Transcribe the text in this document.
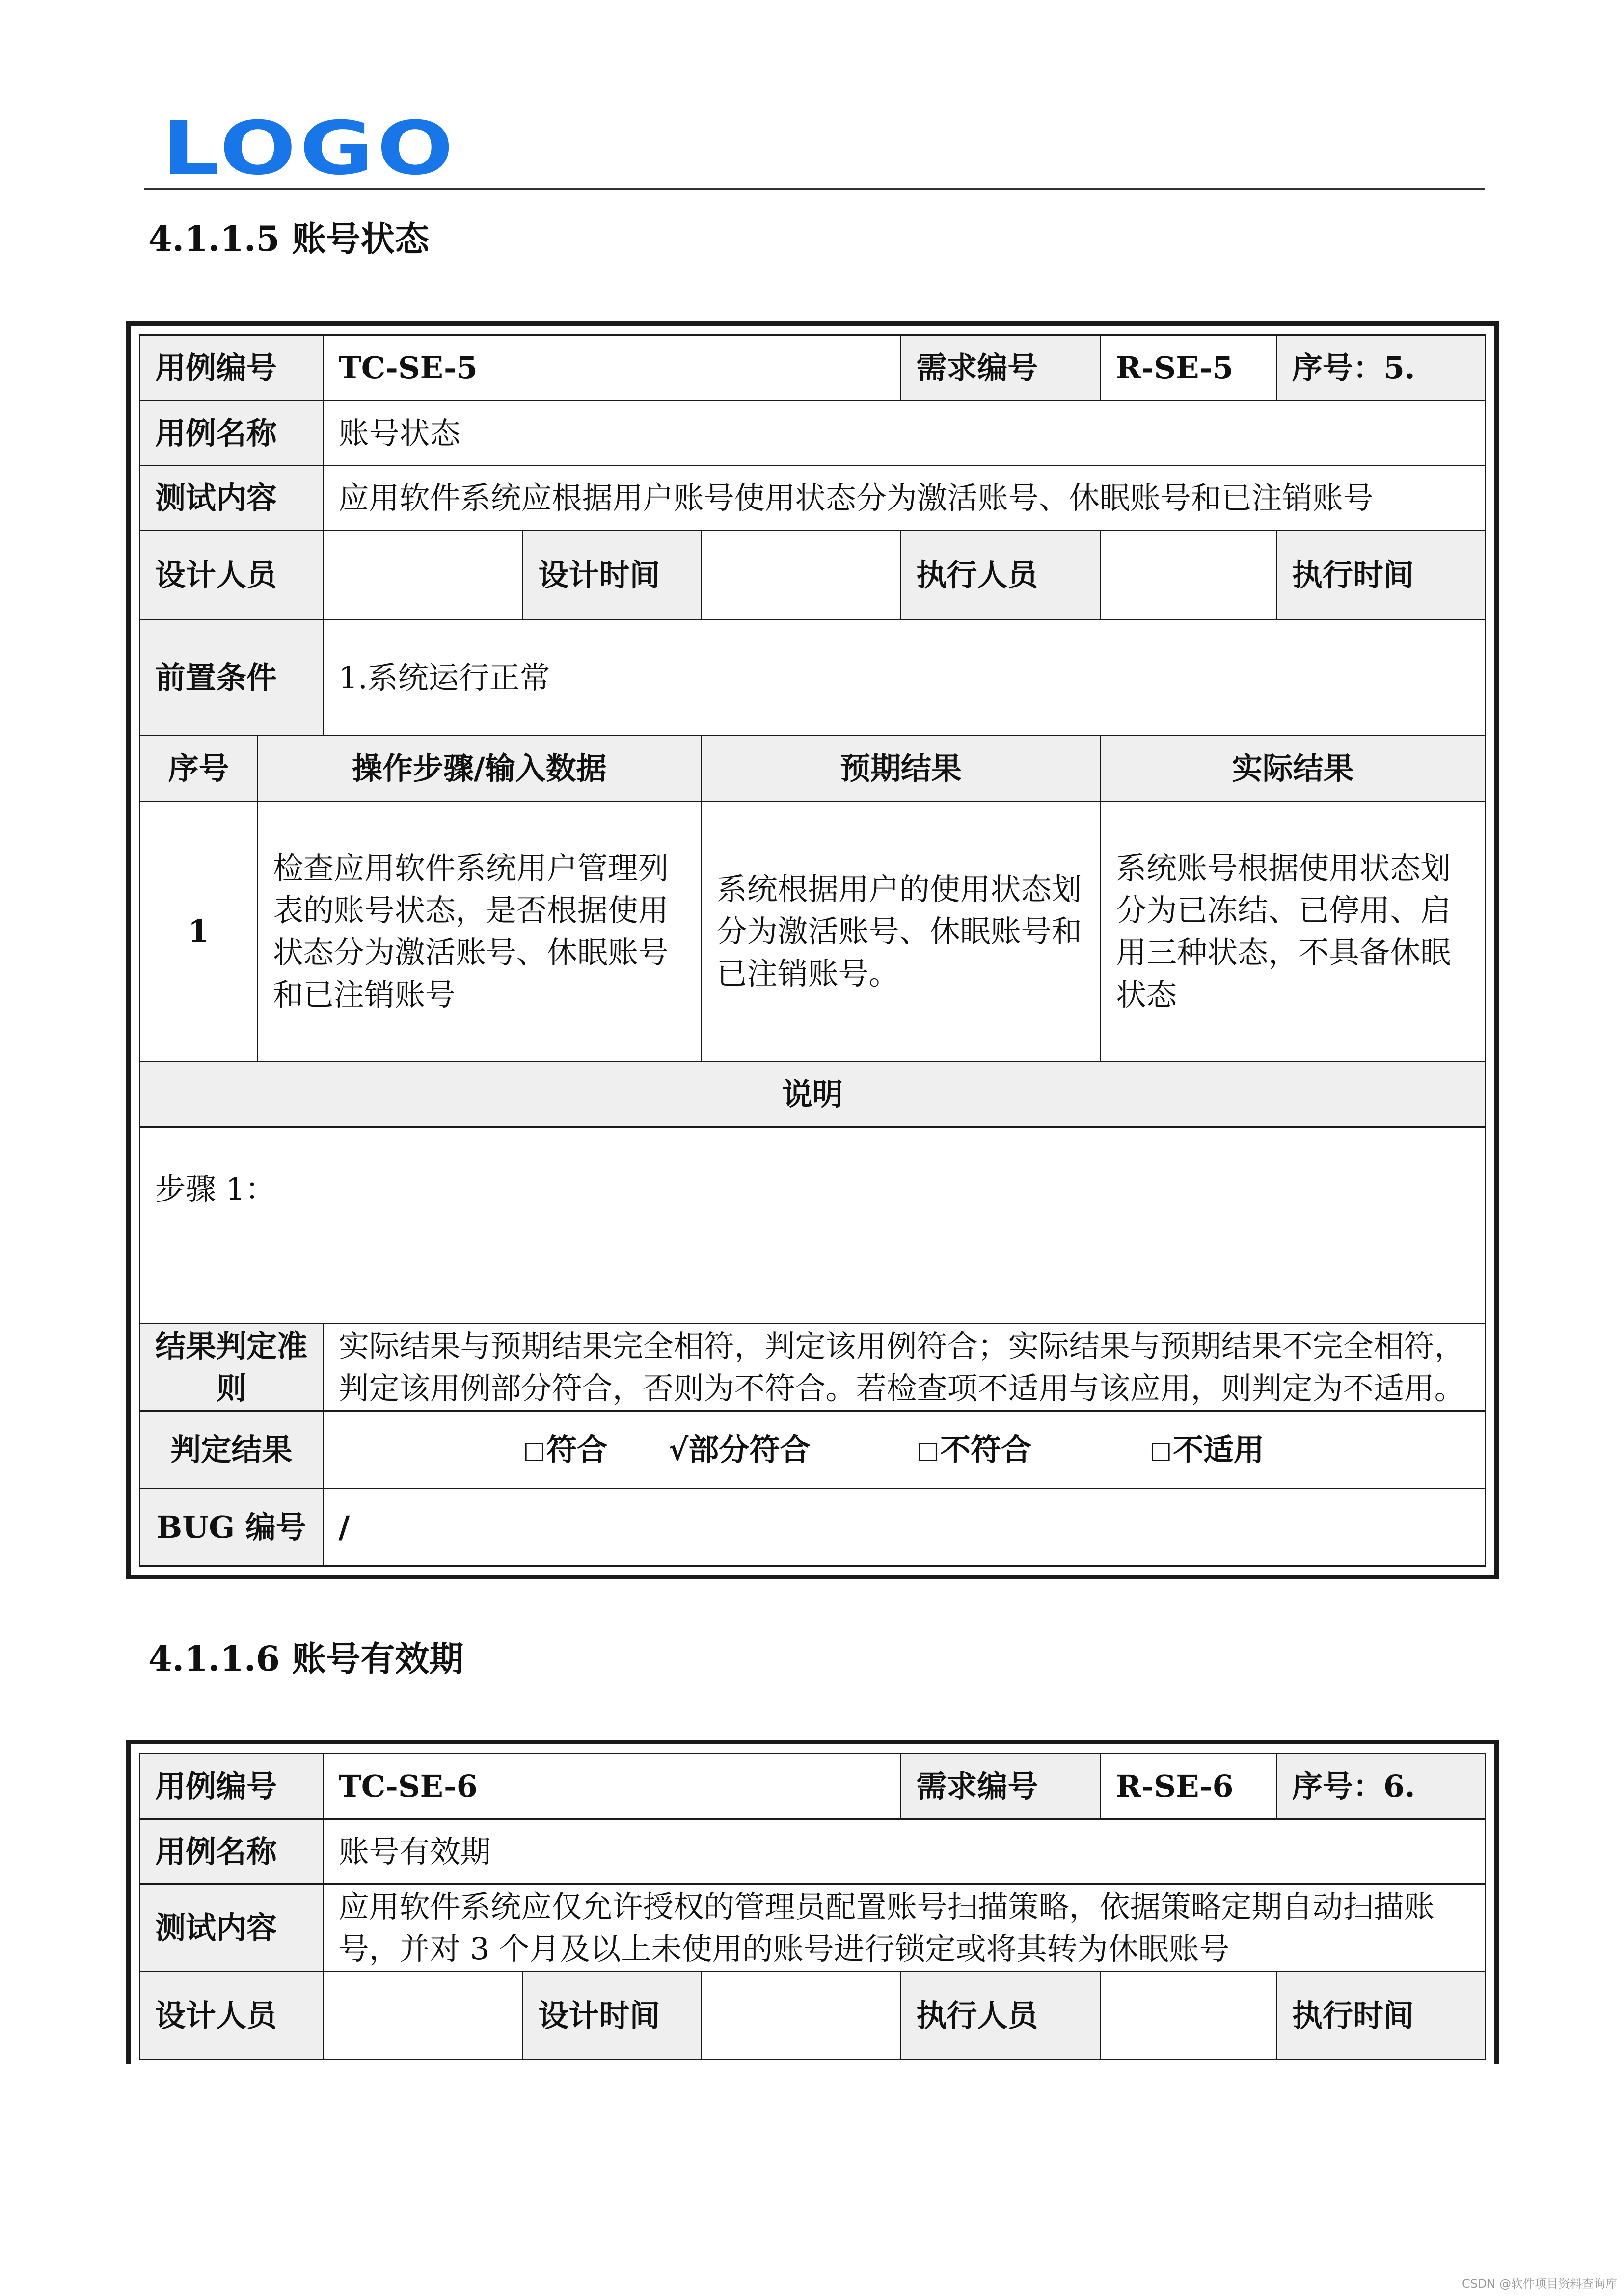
LOGO
4.1.1.5 账号状态
用例编号		TC-SE-5			需求编号	R-SE-5	序号：5.
用例名称		账号状态					
测试内容		应用软件系统应根据用户账号使用状态分为激活账号、休眠账号和已注销账号					
设计人员			设计时间		执行人员		执行时间
前置条件		1.系统运行正常					
序号	操作步骤/输入数据			预期结果		实际结果	
1	检查应用软件系统用户管理列表的账号状态，是否根据使用状态分为激活账号、休眠账号和已注销账号			系统根据用户的使用状态划分为激活账号、休眠账号和已注销账号。		系统账号根据使用状态划分为已冻结、已停用、启用三种状态，不具备休眠状态	
说明							
步骤 1：							
结果判定准则		实际结果与预期结果完全相符，判定该用例符合；实际结果与预期结果不完全相符，判定该用例部分符合，否则为不符合。若检查项不适用与该应用，则判定为不适用。					
判定结果		□符合 √部分符合 □不符合 □不适用					

BUG 编号		/					
4.1.1.6 账号有效期
用例编号	TC-SE-6			需求编号	R-SE-6	序号：6.
用例名称	账号有效期					
测试内容	应用软件系统应仅允许授权的管理员配置账号扫描策略，依据策略定期自动扫描账号，并对 3 个月及以上未使用的账号进行锁定或将其转为休眠账号					
设计人员		设计时间		执行人员		执行时间
CSDN @软件项目资料查询库
